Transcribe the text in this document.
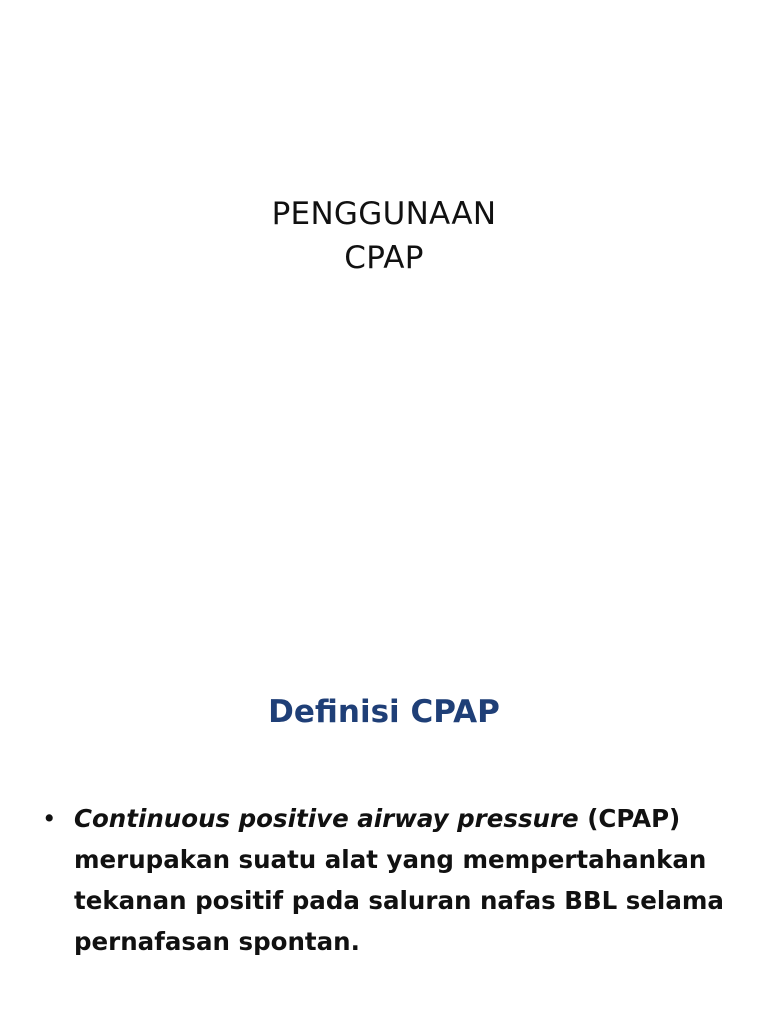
PENGGUNAAN
CPAP
Definisi CPAP
• Continuous positive airway pressure (CPAP) merupakan suatu alat yang mempertahankan tekanan positif pada saluran nafas BBL selama pernafasan spontan.
